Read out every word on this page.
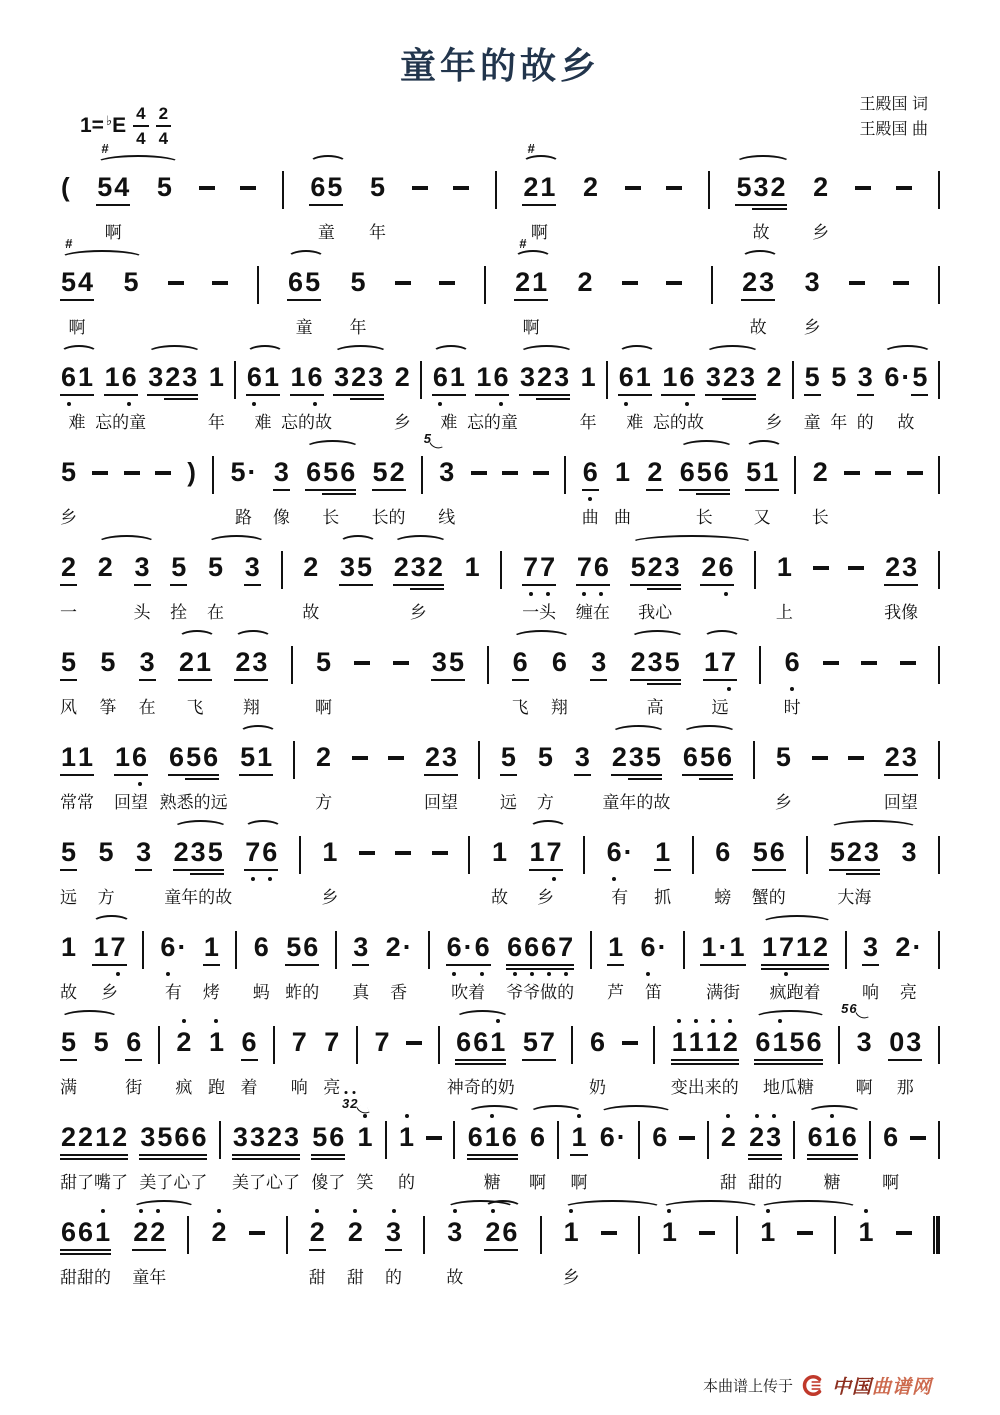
童年的故乡
$1= ^♭E \frac{4}{4} \frac{2}{4}$
王殿国 词
王殿国 曲
( 5 4
#
啊
5	6 5
童
5
年
2 1
#
啊
2	5 3 2
故
2
乡
5 4
#
啊
5	6 5
童
5
年
2 1
#
啊
2	2 3
故
3
乡
6 1
难
1 6
忘的童
3 2 3 1
年
6 1
难
1 6
忘的故
3 2 3 2
乡
6 1
难
1 6
忘的童
3 2 3 1
年
6 1
难
1 6
忘的故
3 2 3 2
乡
5
童
5
年
3
的
6 · 5
故
5
乡
) 5 ·
路
3
像
6 5 6
长
5 2
长的
3
5
线
6
曲
1
曲
2 6 5 6
长
5 1
又
2
长
2
一
2 3
头
5
拴
5
在
3 2
故
3 5 2 3 2
乡
1 7 7
一头
7 6
缠在
5 2 3
我心
2 6 1
上
2 3
我像
5
风
5
筝
3
在
2 1
飞
2 3
翔
5
啊
3 5 6
飞
6
翔
3 2 3 5
高
1 7
远
6
时
1 1
常常
1 6
回望
6 5 6
熟悉的远
5 1 2
方
2 3
回望
5
远
5
方
3 2 3 5
童年的故
6 5 6 5
乡
2 3
回望
5
远
5
方
3 2 3 5
童年的故
7 6 1
乡
1
故
1 7
乡
6 ·
有
1
抓
6
螃
5 6
蟹的
5 2 3
大海
3
1
故
1 7
乡
6 ·
有
1
烤
6
蚂
5 6
蚱的
3
真
2 ·
香
6 · 6
吹着
6 6 6 7
爷爷做的
1
芦
6 ·
笛
1 · 1
满街
1 7 1 2
疯跑着
3
响
2 ·
亮
5
满
5 6
街
2
疯
1
跑
6
着
7
响
7
亮
7 6 6 1
神奇的奶
5 7 6
奶
1 1 1 2
变出来的
6 1 5 6
地瓜糖
3
5 6
啊
0 3
那
2 2 1 2
甜了嘴了
3 5 6 6
美了心了
3 3 2 3
美了心了
5 6
傻了
1
3 2
笑
1
的
6 1 6
糖
6
啊
1
啊
6 · 6 2
甜
2 3
甜的
6 1 6
糖
6
啊
6 6 1
甜甜的
2 2
童年
2	2
甜
2
甜
3
的
3
故
2 6 1
乡
1	1	1
本曲谱上传于 中国曲谱网
